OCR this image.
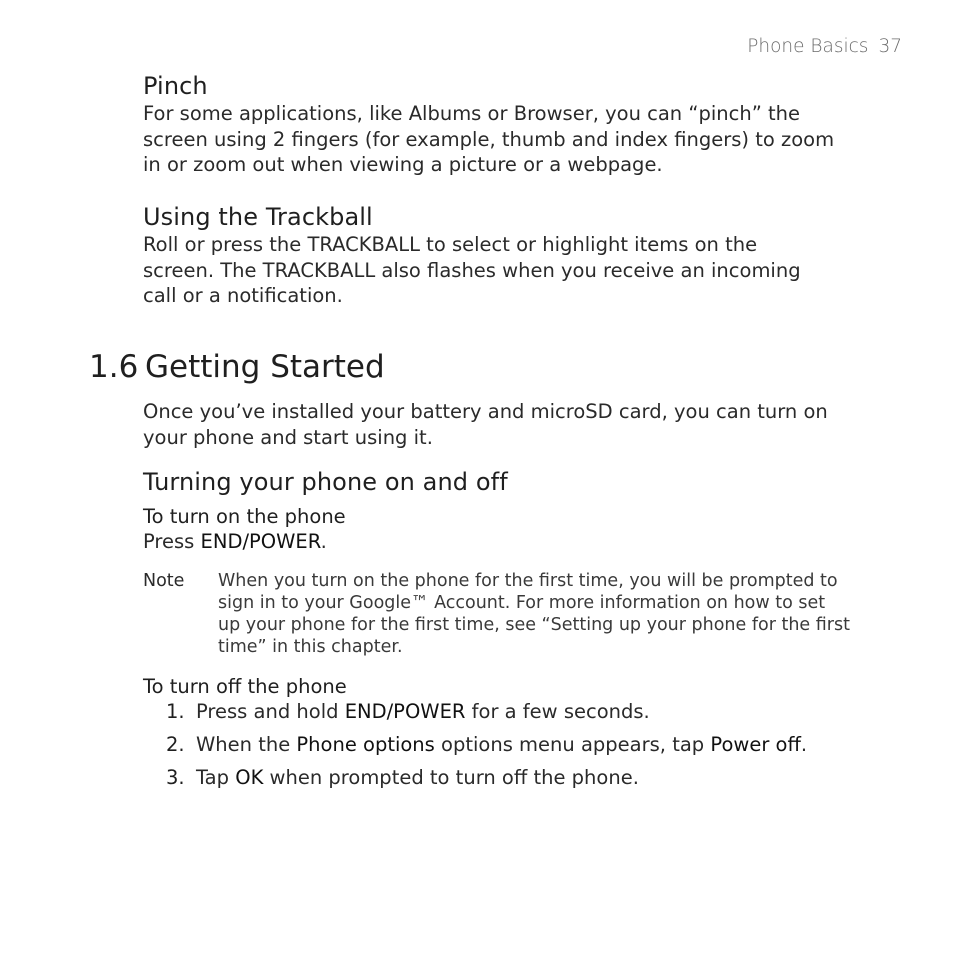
Phone Basics 37
Pinch
For some applications, like Albums or Browser, you can “pinch” the
screen using 2 fingers (for example, thumb and index fingers) to zoom
in or zoom out when viewing a picture or a webpage.
Using the Trackball
Roll or press the TRACKBALL to select or highlight items on the
screen. The TRACKBALL also flashes when you receive an incoming
call or a notification.
1.6 Getting Started
Once you’ve installed your battery and microSD card, you can turn on
your phone and start using it.
Turning your phone on and off
To turn on the phone
Press END/POWER.
Note When you turn on the phone for the first time, you will be prompted to
sign in to your Google™ Account. For more information on how to set
up your phone for the first time, see “Setting up your phone for the first
time” in this chapter.
To turn off the phone
1. Press and hold END/POWER for a few seconds.
2. When the Phone options options menu appears, tap Power off.
3. Tap OK when prompted to turn off the phone.
